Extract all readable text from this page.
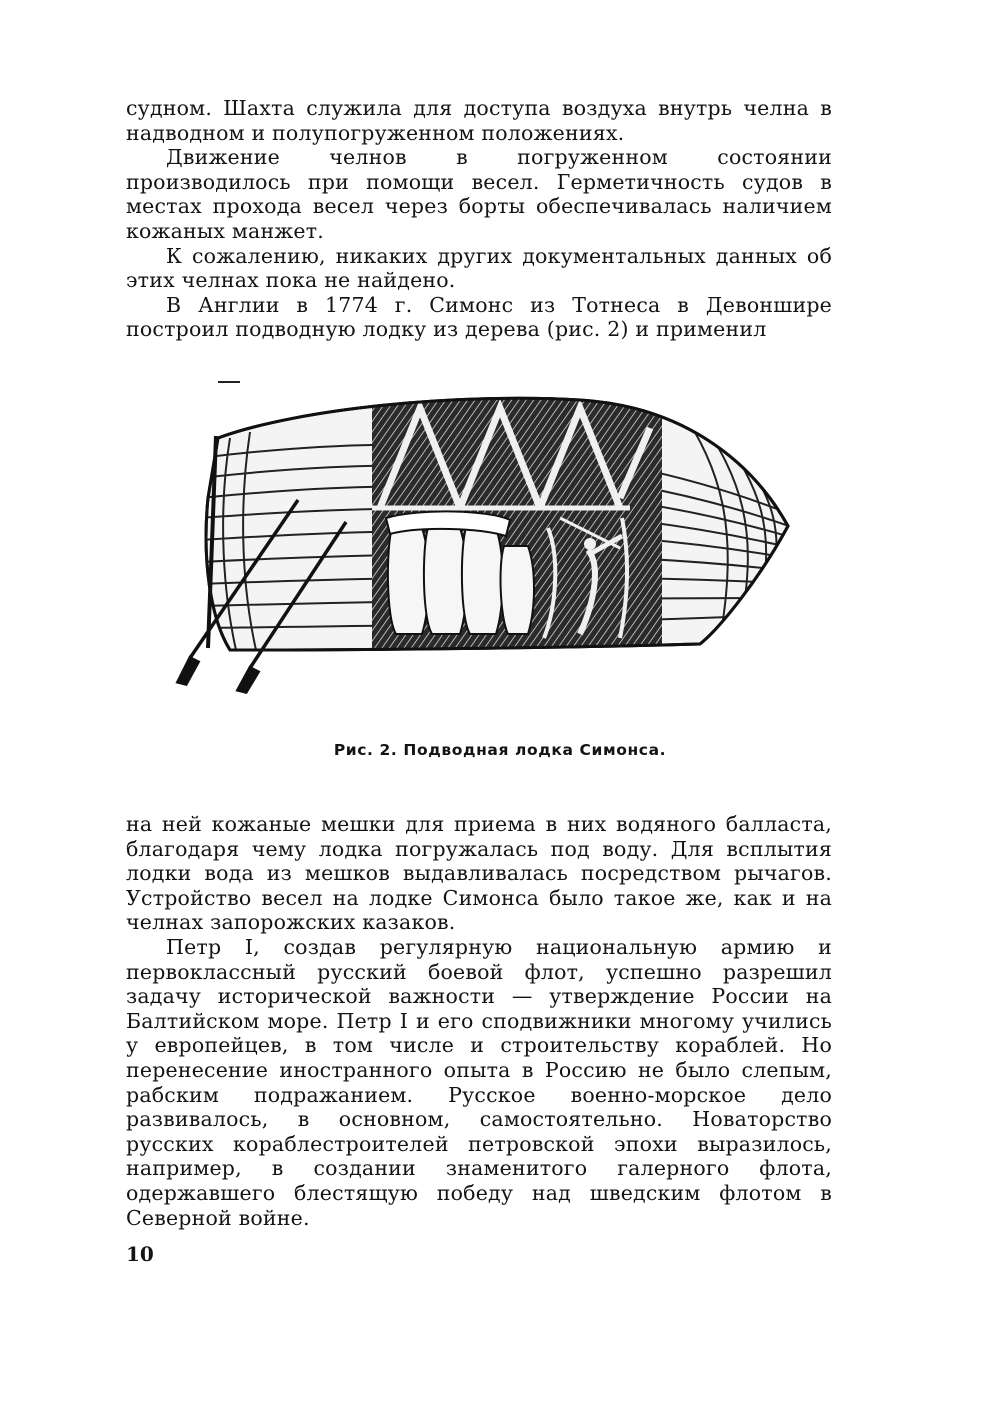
судном. Шахта служила для доступа воздуха внутрь челна в надводном и полупогруженном положениях.

Движение челнов в погруженном состоянии производилось при помощи весел. Герметичность судов в местах прохода весел через борты обеспечивалась наличием кожаных манжет.

К сожалению, никаких других документальных данных об этих челнах пока не найдено.

В Англии в 1774 г. Симонс из Тотнеса в Девоншире построил подводную лодку из дерева (рис. 2) и применил

Рис. 2. Подводная лодка Симонса.

на ней кожаные мешки для приема в них водяного балласта, благодаря чему лодка погружалась под воду. Для всплытия лодки вода из мешков выдавливалась посредством рычагов. Устройство весел на лодке Симонса было такое же, как и на челнах запорожских казаков.

Петр I, создав регулярную национальную армию и первоклассный русский боевой флот, успешно разрешил задачу исторической важности — утверждение России на Балтийском море. Петр I и его сподвижники многому учились у европейцев, в том числе и строительству кораблей. Но перенесение иностранного опыта в Россию не было слепым, рабским подражанием. Русское военно-морское дело развивалось, в основном, самостоятельно. Новаторство русских кораблестроителей петровской эпохи выразилось, например, в создании знаменитого галерного флота, одержавшего блестящую победу над шведским флотом в Северной войне.

10
